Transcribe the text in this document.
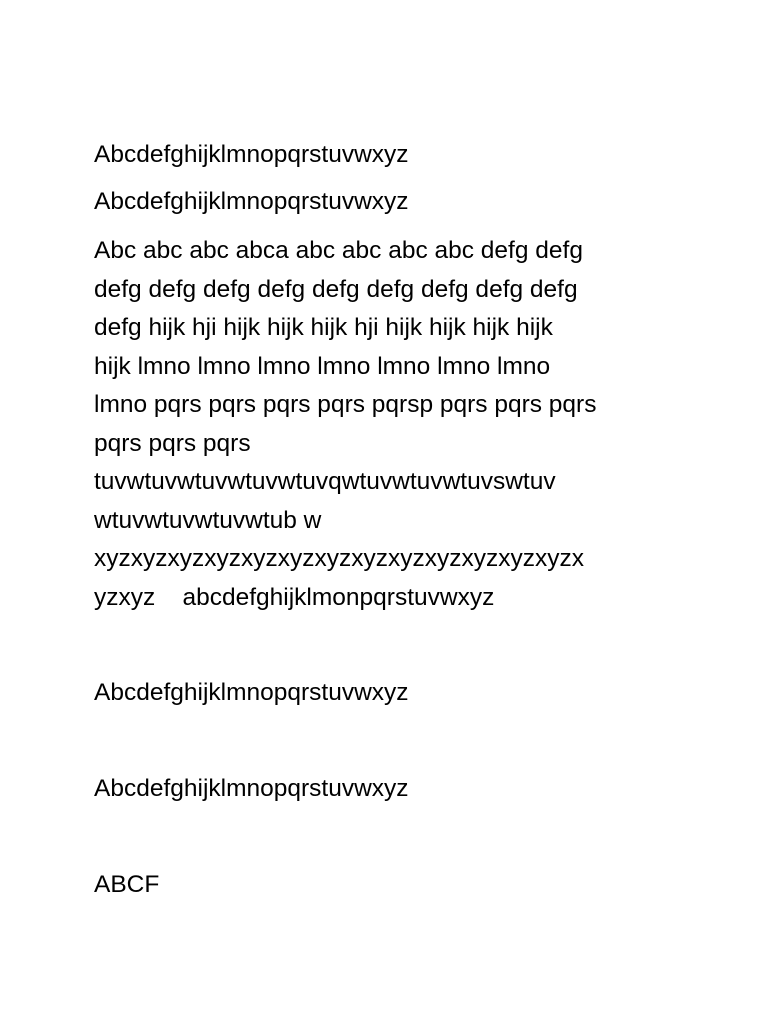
Abcdefghijklmnopqrstuvwxyz

Abcdefghijklmnopqrstuvwxyz

Abc abc abc abca abc abc abc abc defg defg
defg defg defg defg defg defg defg defg defg
defg hijk hji hijk hijk hijk hji hijk hijk hijk hijk
hijk lmno lmno lmno lmno lmno lmno lmno
lmno pqrs pqrs pqrs pqrs pqrsp pqrs pqrs pqrs
pqrs pqrs pqrs
tuvwtuvwtuvwtuvwtuvqwtuvwtuvwtuvswtuv
wtuvwtuvwtuvwtub w
xyzxyzxyzxyzxyzxyzxyzxyzxyzxyzxyzxyzxyzx
yzxyz    abcdefghijklmonpqrstuvwxyz

Abcdefghijklmnopqrstuvwxyz

Abcdefghijklmnopqrstuvwxyz

ABCF
